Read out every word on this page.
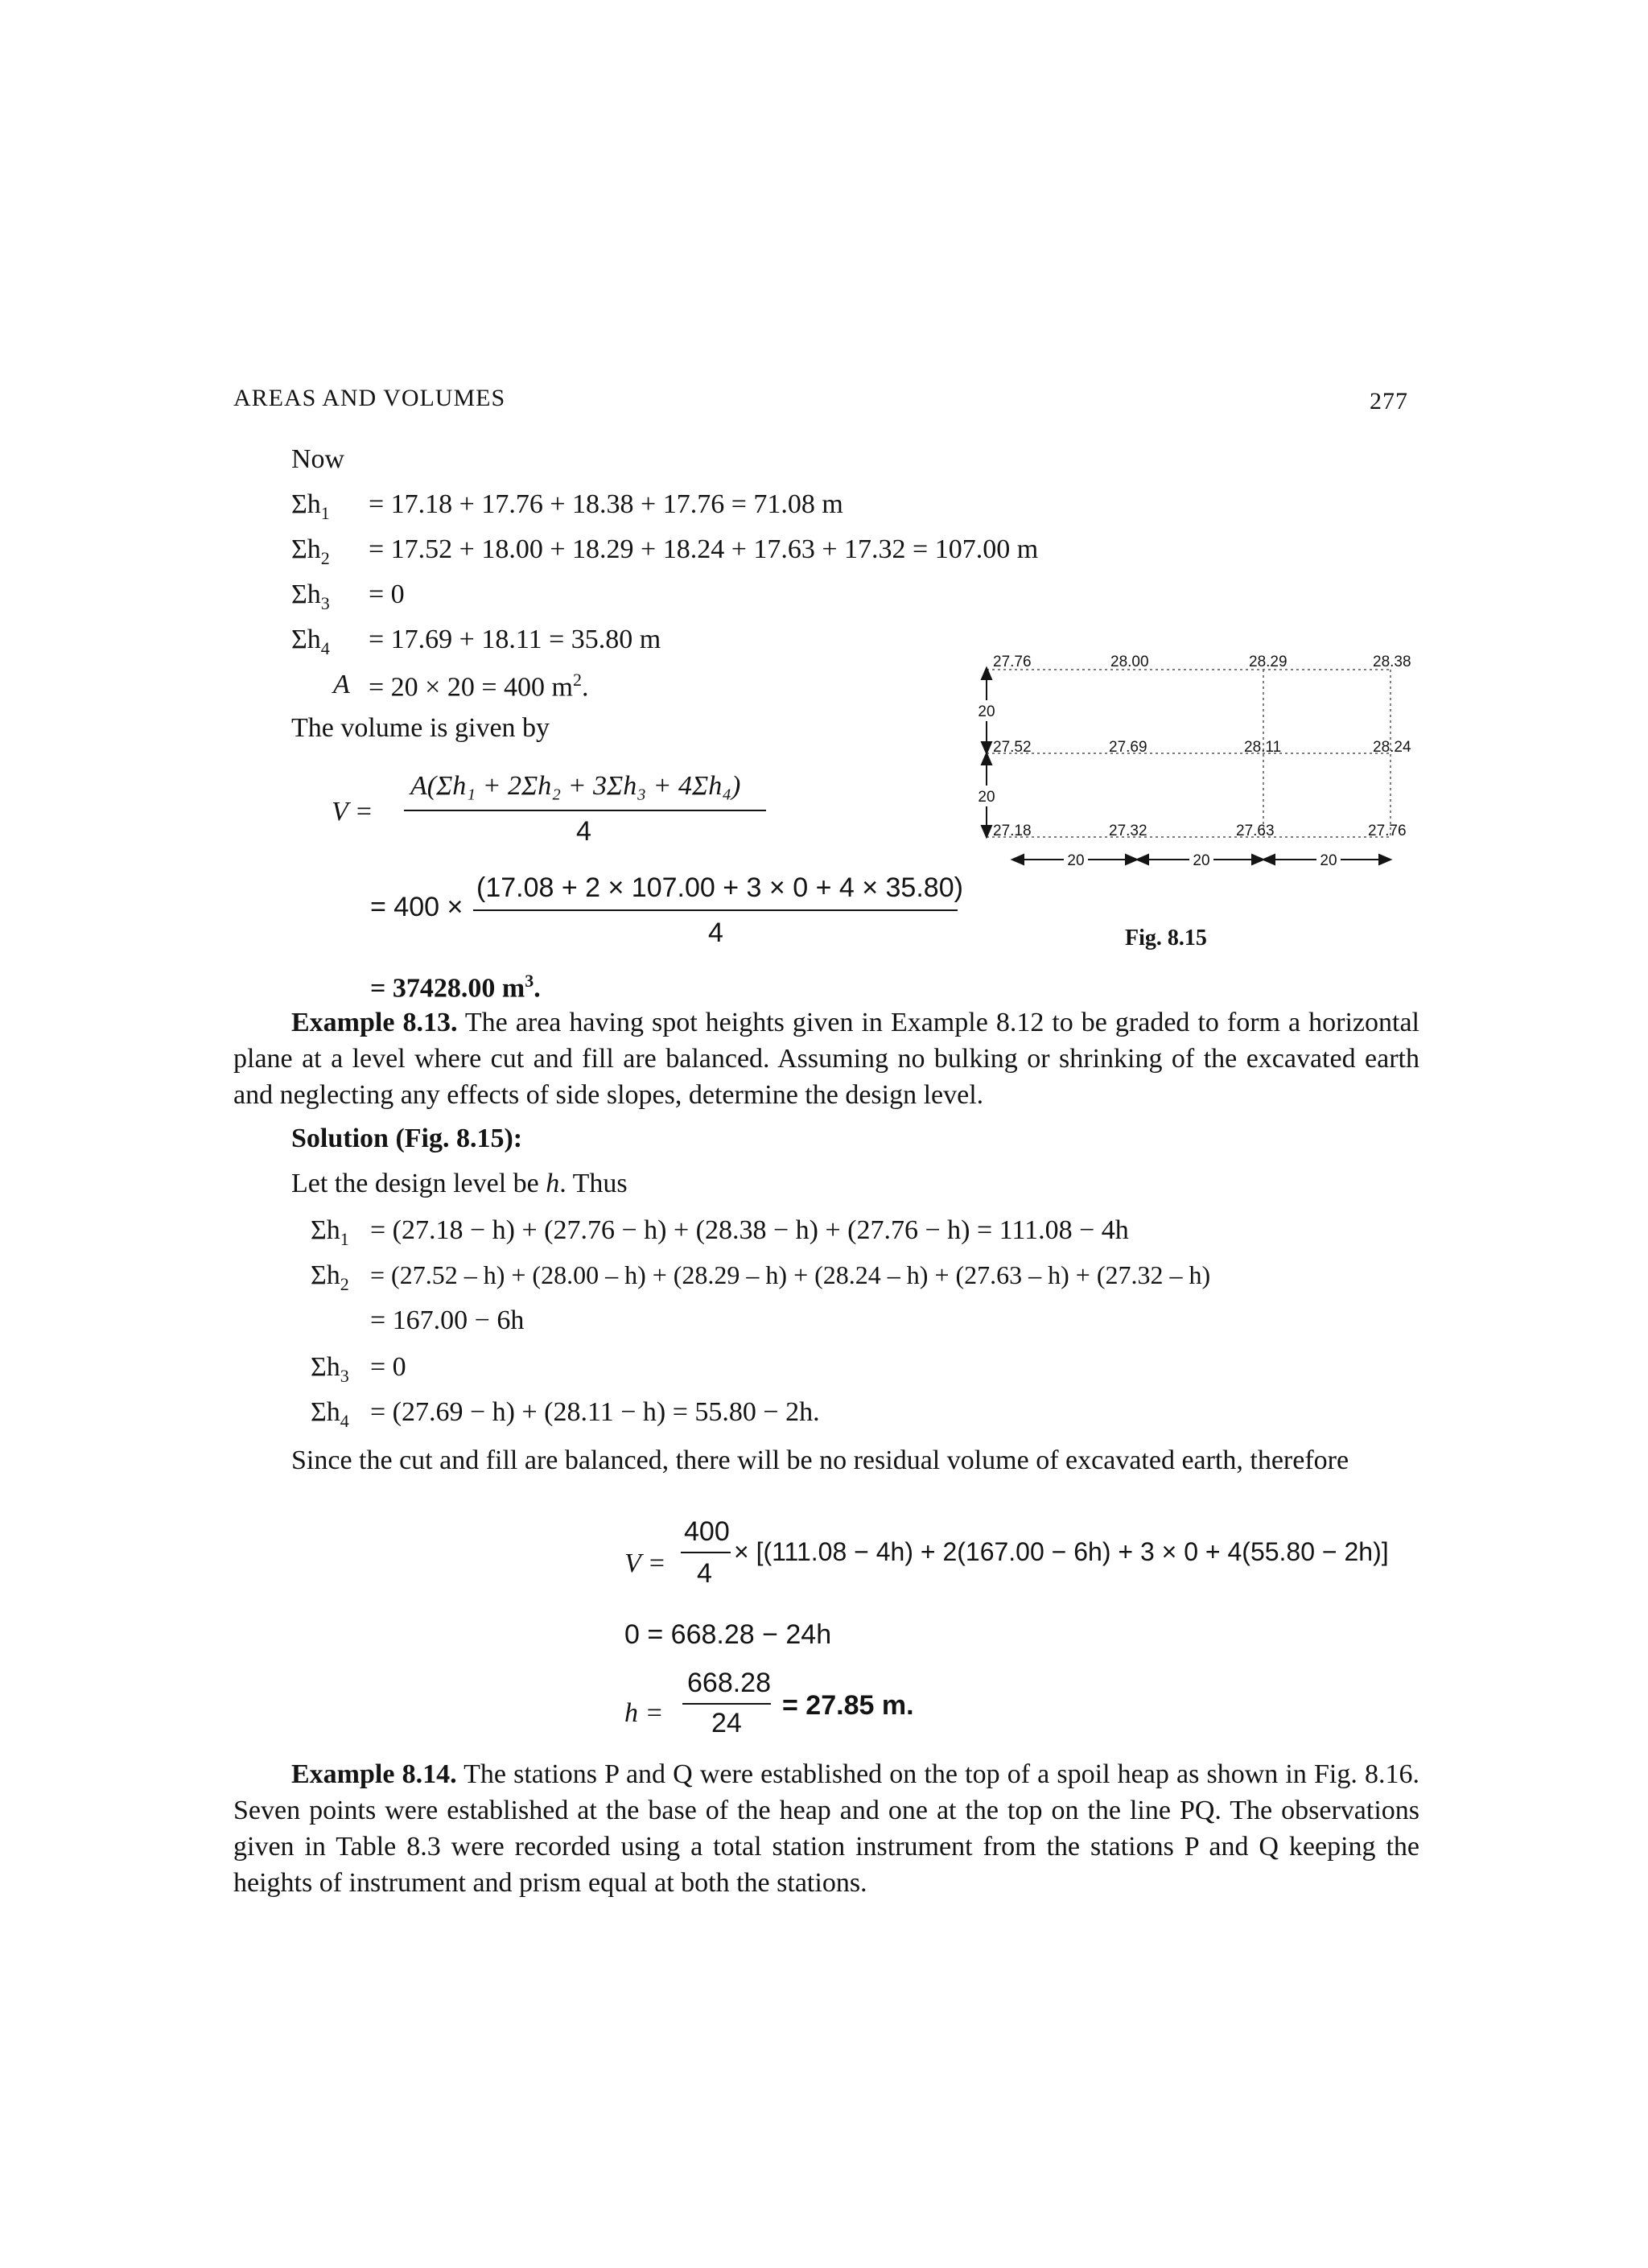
AREAS AND VOLUMES	277
Now
$\Sigma h_1 = 17.18 + 17.76 + 18.38 + 17.76 = 71.08$ m
$\Sigma h_2 = 17.52 + 18.00 + 18.29 + 18.24 + 17.63 + 17.32 = 107.00$ m
$\Sigma h_3 = 0$
$\Sigma h_4 = 17.69 + 18.11 = 35.80$ m
A = 20 × 20 = 400 $m^2$.
The volume is given by
V =
A(Σh₁ + 2Σh₂ + 3Σh₃ + 4Σh₄)
4
= 400 ×
(17.08 + 2 × 107.00 + 3 × 0 + 4 × 35.80)
4
= 37428.00 $m^3$.
20
20
20	20	20
27.76	28.00	28.29	28.38
27.52	27.69	28.11	28.24
27.18	27.32	27.63	27.76
Fig. 8.15
Example 8.13. The area having spot heights given in Example 8.12 to be graded to form a horizontal plane at a level where cut and fill are balanced. Assuming no bulking or shrinking of the excavated earth and neglecting any effects of side slopes, determine the design level.
Solution (Fig. 8.15):
Let the design level be h. Thus
$\Sigma h_1 = (27.18 - h) + (27.76 - h) + (28.38 - h) + (27.76 - h) = 111.08 - 4h$
$\Sigma h_2 = (27.52 - h) + (28.00 - h) + (28.29 - h) + (28.24 - h) + (27.63 - h) + (27.32 - h)$
= 167.00 − 6h
$\Sigma h_3 = 0$
$\Sigma h_4 = (27.69 - h) + (28.11 - h) = 55.80 - 2h$.
Since the cut and fill are balanced, there will be no residual volume of excavated earth, therefore
V =
400
4
× [(111.08 − 4h) + 2(167.00 − 6h) + 3 × 0 + 4(55.80 − 2h)]
0 = 668.28 − 24h
h =
668.28
24
= 27.85 m.
Example 8.14. The stations P and Q were established on the top of a spoil heap as shown in Fig. 8.16. Seven points were established at the base of the heap and one at the top on the line PQ. The observations given in Table 8.3 were recorded using a total station instrument from the stations P and Q keeping the heights of instrument and prism equal at both the stations.
